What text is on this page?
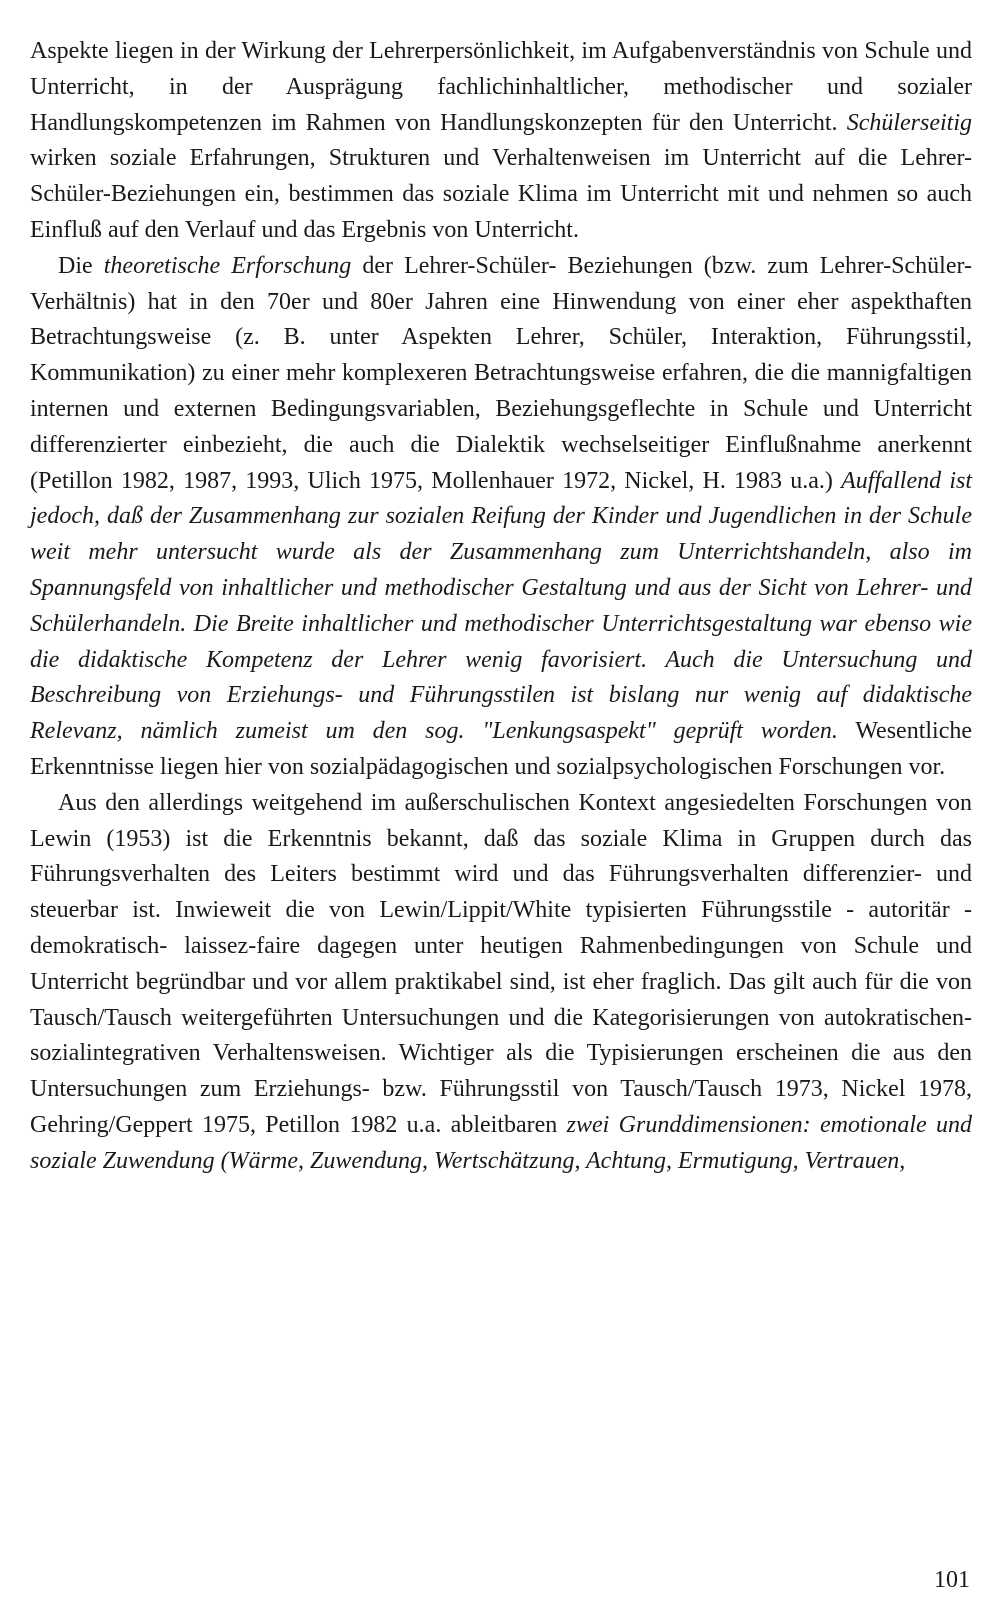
Aspekte liegen in der Wirkung der Lehrerpersönlichkeit, im Aufgabenverständnis von Schule und Unterricht, in der Ausprägung fachlichinhaltlicher, methodischer und sozialer Handlungskompetenzen im Rahmen von Handlungskonzepten für den Unterricht. Schülerseitig wirken soziale Erfahrungen, Strukturen und Verhaltenweisen im Unterricht auf die Lehrer-Schüler-Beziehungen ein, bestimmen das soziale Klima im Unterricht mit und nehmen so auch Einfluß auf den Verlauf und das Ergebnis von Unterricht.

Die theoretische Erforschung der Lehrer-Schüler- Beziehungen (bzw. zum Lehrer-Schüler-Verhältnis) hat in den 70er und 80er Jahren eine Hinwendung von einer eher aspekthaften Betrachtungsweise (z. B. unter Aspekten Lehrer, Schüler, Interaktion, Führungsstil, Kommunikation) zu einer mehr komplexeren Betrachtungsweise erfahren, die die mannigfaltigen internen und externen Bedingungsvariablen, Beziehungsgeflechte in Schule und Unterricht differenzierter einbezieht, die auch die Dialektik wechselseitiger Einflußnahme anerkennt (Petillon 1982, 1987, 1993, Ulich 1975, Mollenhauer 1972, Nickel, H. 1983 u.a.) Auffallend ist jedoch, daß der Zusammenhang zur sozialen Reifung der Kinder und Jugendlichen in der Schule weit mehr untersucht wurde als der Zusammenhang zum Unterrichtshandeln, also im Spannungsfeld von inhaltlicher und methodischer Gestaltung und aus der Sicht von Lehrer- und Schülerhandeln. Die Breite inhaltlicher und methodischer Unterrichtsgestaltung war ebenso wie die didaktische Kompetenz der Lehrer wenig favorisiert. Auch die Untersuchung und Beschreibung von Erziehungs- und Führungsstilen ist bislang nur wenig auf didaktische Relevanz, nämlich zumeist um den sog. "Lenkungsaspekt" geprüft worden. Wesentliche Erkenntnisse liegen hier von sozialpädagogischen und sozialpsychologischen Forschungen vor.

Aus den allerdings weitgehend im außerschulischen Kontext angesiedelten Forschungen von Lewin (1953) ist die Erkenntnis bekannt, daß das soziale Klima in Gruppen durch das Führungsverhalten des Leiters bestimmt wird und das Führungsverhalten differenzier- und steuerbar ist. Inwieweit die von Lewin/Lippit/White typisierten Führungsstile - autoritär - demokratisch- laissez-faire dagegen unter heutigen Rahmenbedingungen von Schule und Unterricht begründbar und vor allem praktikabel sind, ist eher fraglich. Das gilt auch für die von Tausch/Tausch weitergeführten Untersuchungen und die Kategorisierungen von autokratischen-sozialintegrativen Verhaltensweisen. Wichtiger als die Typisierungen erscheinen die aus den Untersuchungen zum Erziehungs- bzw. Führungsstil von Tausch/Tausch 1973, Nickel 1978, Gehring/Geppert 1975, Petillon 1982 u.a. ableitbaren zwei Grunddimensionen: emotionale und soziale Zuwendung (Wärme, Zuwendung, Wertschätzung, Achtung, Ermutigung, Vertrauen,

101
